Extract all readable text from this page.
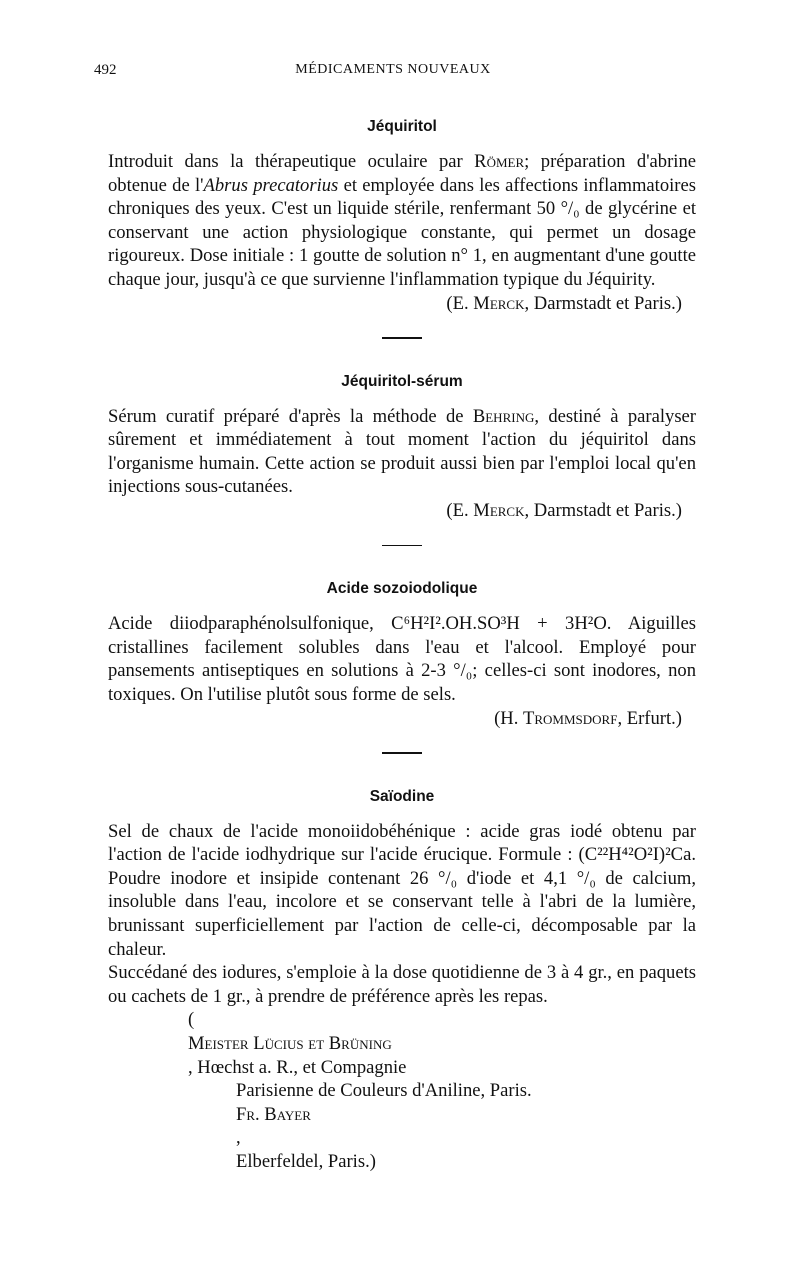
492	MÉDICAMENTS NOUVEAUX
Jéquiritol

Introduit dans la thérapeutique oculaire par Römer; préparation d'abrine obtenue de l'Abrus precatorius et employée dans les affections inflammatoires chroniques des yeux. C'est un liquide stérile, renfermant 50 °/₀ de glycérine et conservant une action physiologique constante, qui permet un dosage rigoureux. Dose initiale : 1 goutte de solution n° 1, en augmentant d'une goutte chaque jour, jusqu'à ce que survienne l'inflammation typique du Jéquirity.

(E. Merck, Darmstadt et Paris.)
Jéquiritol-sérum

Sérum curatif préparé d'après la méthode de Behring, destiné à paralyser sûrement et immédiatement à tout moment l'action du jéquiritol dans l'organisme humain. Cette action se produit aussi bien par l'emploi local qu'en injections sous-cutanées.

(E. Merck, Darmstadt et Paris.)
Acide sozoiodolique

Acide diiodparaphénolsulfonique, C⁶H²I².OH.SO³H + 3H²O. Aiguilles cristallines facilement solubles dans l'eau et l'alcool. Employé pour pansements antiseptiques en solutions à 2-3 °/₀; celles-ci sont inodores, non toxiques. On l'utilise plutôt sous forme de sels.

(H. Trommsdorf, Erfurt.)
Saïodine

Sel de chaux de l'acide monoiidobéhénique : acide gras iodé obtenu par l'action de l'acide iodhydrique sur l'acide érucique. Formule : (C²²H⁴²O²I)²Ca. Poudre inodore et insipide contenant 26 °/₀ d'iode et 4,1 °/₀ de calcium, insoluble dans l'eau, incolore et se conservant telle à l'abri de la lumière, brunissant superficiellement par l'action de celle-ci, décomposable par la chaleur.

Succédané des iodures, s'emploie à la dose quotidienne de 3 à 4 gr., en paquets ou cachets de 1 gr., à prendre de préférence après les repas.

(
Meister Lücius et Brüning
, Hœchst a. R., et Compagnie
Parisienne de Couleurs d'Aniline, Paris.
Fr. Bayer
,
Elberfeldel, Paris.)
